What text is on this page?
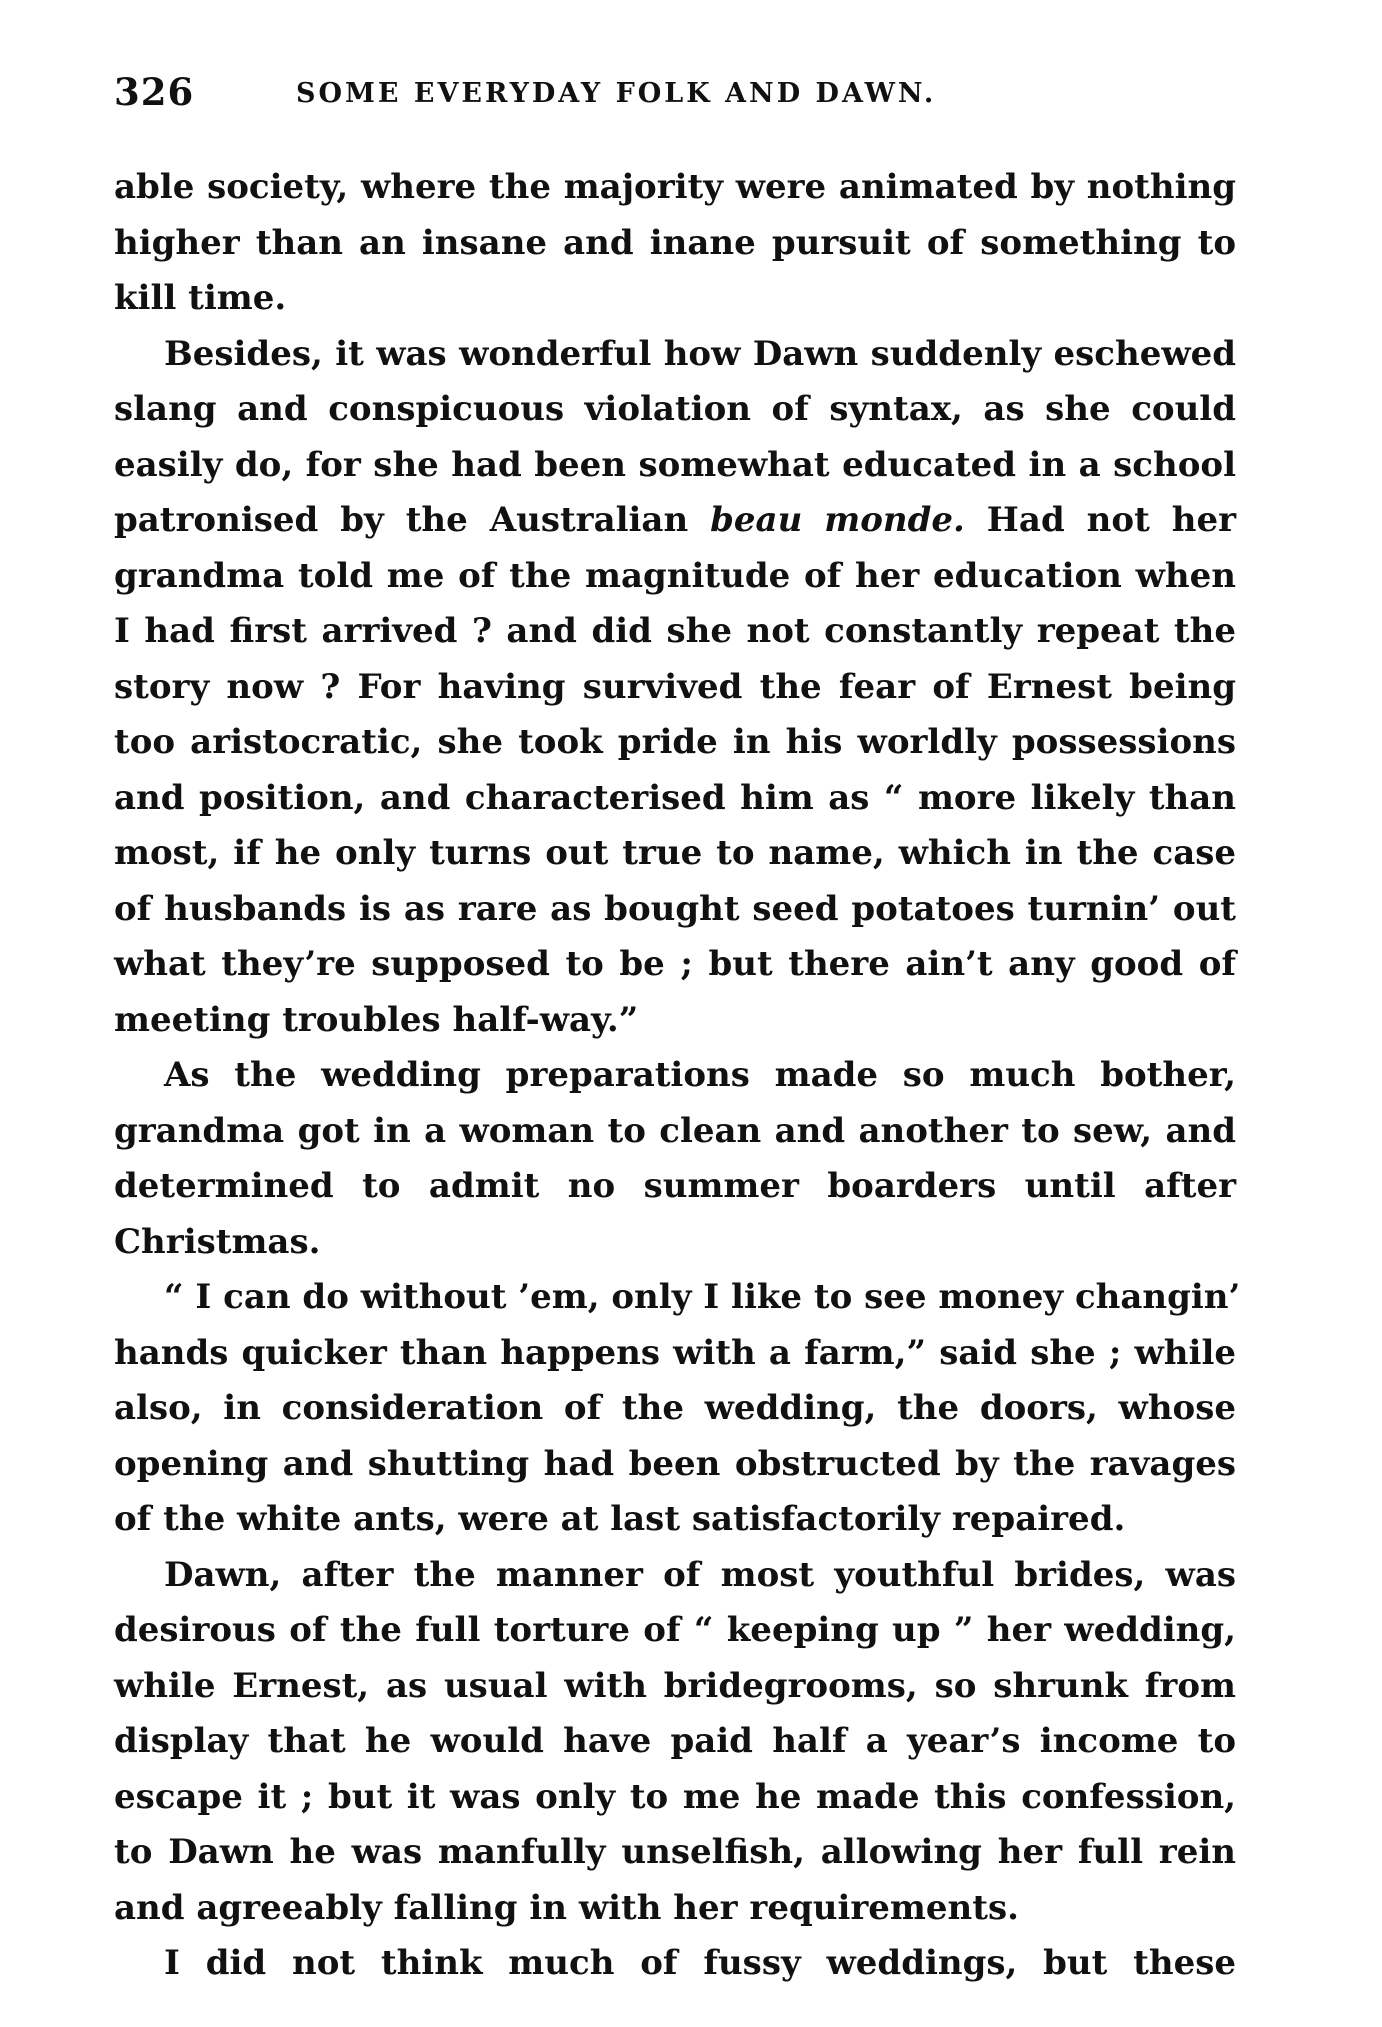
326	SOME EVERYDAY FOLK AND DAWN.
able society, where the majority were animated by nothing
higher than an insane and inane pursuit of something to
kill time.
Besides, it was wonderful how Dawn suddenly eschewed
slang and conspicuous violation of syntax, as she could
easily do, for she had been somewhat educated in a school
patronised by the Australian beau monde. Had not her
grandma told me of the magnitude of her education when
I had first arrived ? and did she not constantly repeat the
story now ? For having survived the fear of Ernest being
too aristocratic, she took pride in his worldly possessions
and position, and characterised him as “ more likely than
most, if he only turns out true to name, which in the case
of husbands is as rare as bought seed potatoes turnin’ out
what they’re supposed to be ; but there ain’t any good of
meeting troubles half-way.”
As the wedding preparations made so much bother,
grandma got in a woman to clean and another to sew, and
determined to admit no summer boarders until after
Christmas.
“ I can do without ’em, only I like to see money changin’
hands quicker than happens with a farm,” said she ; while
also, in consideration of the wedding, the doors, whose
opening and shutting had been obstructed by the ravages
of the white ants, were at last satisfactorily repaired.
Dawn, after the manner of most youthful brides, was
desirous of the full torture of “ keeping up ” her wedding,
while Ernest, as usual with bridegrooms, so shrunk from
display that he would have paid half a year’s income to
escape it ; but it was only to me he made this confession,
to Dawn he was manfully unselfish, allowing her full rein
and agreeably falling in with her requirements.
I did not think much of fussy weddings, but these
